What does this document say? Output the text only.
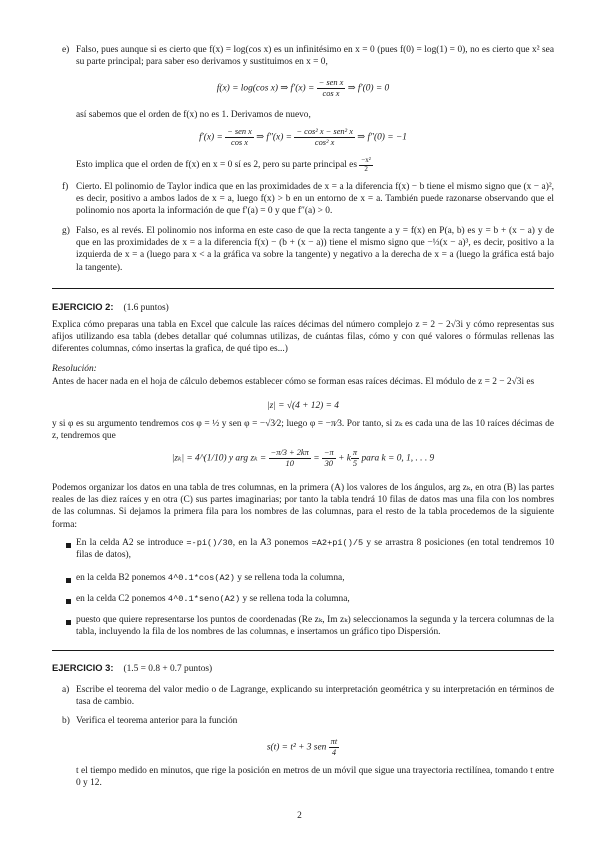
e) Falso, pues aunque si es cierto que f(x) = log(cos x) es un infinitésimo en x = 0 (pues f(0) = log(1) = 0), no es cierto que x² sea su parte principal; para saber eso derivamos y sustituimos en x = 0,

f(x) = log(cos x) ⇒ $f'(x) = \frac{\text{− sen x}}{\text{cos x}}$ ⇒ f′(0) = 0

así sabemos que el orden de f(x) no es 1. Derivamos de nuevo,

$f'(x) = \frac{\text{− sen x}}{\text{cos x}}$ ⇒ $f''(x) = \frac{\text{− cos² x − sen² x}}{\text{cos² x}}$ ⇒ f″(0) = −1

Esto implica que el orden de f(x) en x = 0 sí es 2, pero su parte principal es $\frac{\text{−x²}}{2}$

f) Cierto. El polinomio de Taylor indica que en las proximidades de x = a la diferencia f(x) − b tiene el mismo signo que (x − a)², es decir, positivo a ambos lados de x = a, luego f(x) > b en un entorno de x = a. También puede razonarse observando que el polinomio nos aporta la información de que f′(a) = 0 y que f″(a) > 0.

g) Falso, es al revés. El polinomio nos informa en este caso de que la recta tangente a y = f(x) en P(a, b) es y = b + (x − a) y de que en las proximidades de x = a la diferencia f(x) − (b + (x − a)) tiene el mismo signo que −⅓(x − a)³, es decir, positivo a la izquierda de x = a (luego para x < a la gráfica va sobre la tangente) y negativo a la derecha de x = a (luego la gráfica está bajo la tangente).

EJERCICIO 2: (1.6 puntos)

Explica cómo preparas una tabla en Excel que calcule las raíces décimas del número complejo z = 2 − 2√3i y cómo representas sus afijos utilizando esa tabla (debes detallar qué columnas utilizas, de cuántas filas, cómo y con qué valores o fórmulas rellenas las diferentes columnas, cómo insertas la grafica, de qué tipo es...)

Resolución:

Antes de hacer nada en el hoja de cálculo debemos establecer cómo se forman esas raíces décimas. El módulo de z = 2 − 2√3i es

|z| = √(4 + 12) = 4

y si φ es su argumento tendremos cos φ = ½ y sen φ = −√3⁄2; luego φ = −π⁄3. Por tanto, si zₖ es cada una de las 10 raíces décimas de z, tendremos que

|zₖ| = 4^(1/10) y arg $z_k = \frac{-\pi/3 + 2k\pi}{10} = \frac{-\pi}{30} + k \frac{\pi}{5}$ para k = 0, 1, . . . 9

Podemos organizar los datos en una tabla de tres columnas, en la primera (A) los valores de los ángulos, arg zₖ, en otra (B) las partes reales de las diez raíces y en otra (C) sus partes imaginarias; por tanto la tabla tendrá 10 filas de datos mas una fila con los nombres de las columnas. Si dejamos la primera fila para los nombres de las columnas, para el resto de la tabla procedemos de la siguiente forma:

En la celda A2 se introduce =-pi()/30, en la A3 ponemos =A2+pi()/5 y se arrastra 8 posiciones (en total tendremos 10 filas de datos),

en la celda B2 ponemos 4^0.1*cos(A2) y se rellena toda la columna,

en la celda C2 ponemos 4^0.1*seno(A2) y se rellena toda la columna,

puesto que quiere representarse los puntos de coordenadas (Re zₖ, Im zₖ) seleccionamos la segunda y la tercera columnas de la tabla, incluyendo la fila de los nombres de las columnas, e insertamos un gráfico tipo Dispersión.

EJERCICIO 3: (1.5 = 0.8 + 0.7 puntos)
a) Escribe el teorema del valor medio o de Lagrange, explicando su interpretación geométrica y su interpretación en términos de tasa de cambio.

b) Verifica el teorema anterior para la función

s(t) = t² + 3 sen $\frac{\pi t}{4}$

t el tiempo medido en minutos, que rige la posición en metros de un móvil que sigue una trayectoria rectilínea, tomando t entre 0 y 12.

2
